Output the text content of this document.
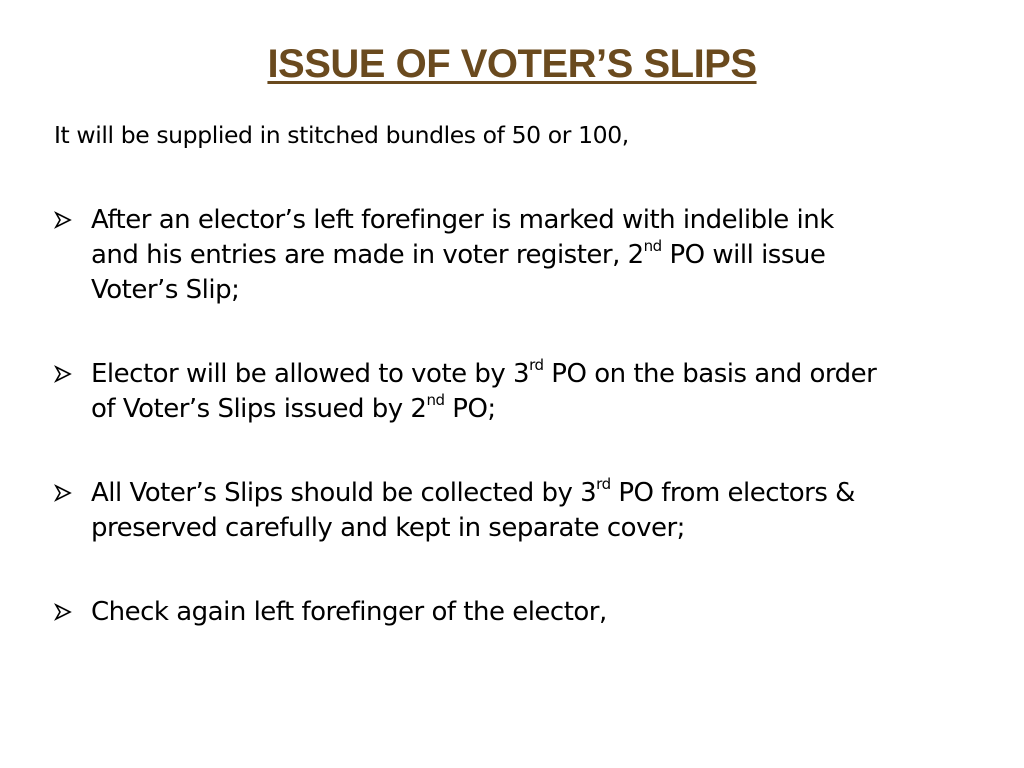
ISSUE OF VOTER’S SLIPS
It will be supplied in stitched bundles of 50 or 100,
After an elector’s left forefinger is marked with indelible ink
and his entries are made in voter register, 2nd PO will issue
Voter’s Slip;
Elector will be allowed to vote by 3rd PO on the basis and order
of Voter’s Slips issued by 2nd PO;
All Voter’s Slips should be collected by 3rd PO from electors &
preserved carefully and kept in separate cover;
Check again left forefinger of the elector,
